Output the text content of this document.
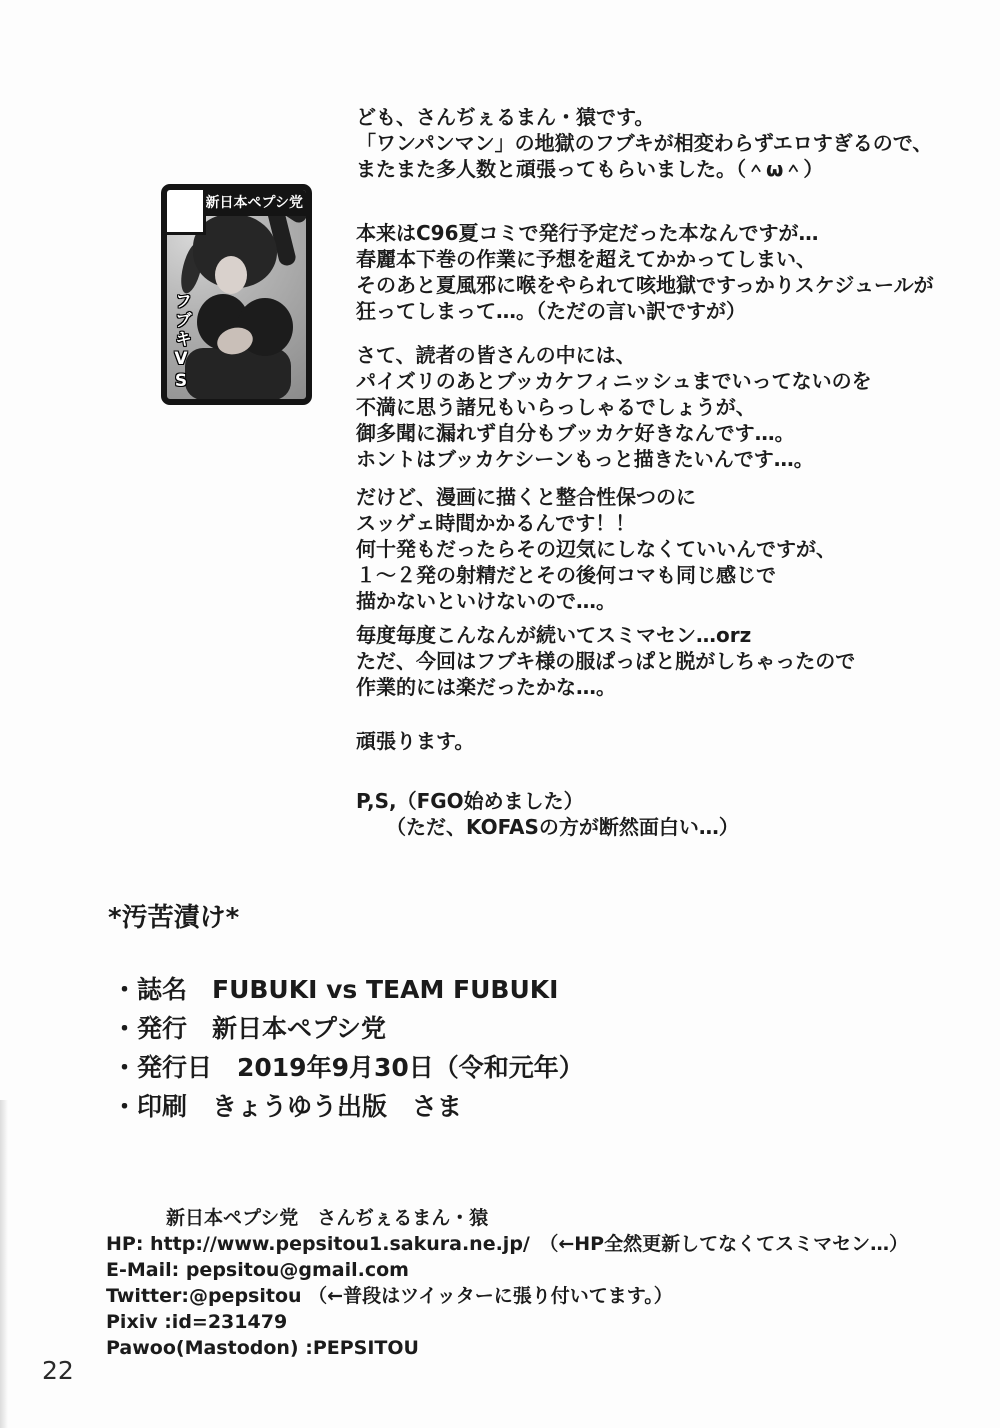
新日本ペプシ党
フブキVS
ども、さんぢぇるまん・猿です。
「ワンパンマン」の地獄のフブキが相変わらずエロすぎるので、
またまた多人数と頑張ってもらいました。（＾ω＾）
本来はC96夏コミで発行予定だった本なんですが…
春麗本下巻の作業に予想を超えてかかってしまい、
そのあと夏風邪に喉をやられて咳地獄ですっかりスケジュールが
狂ってしまって…。（ただの言い訳ですが）
さて、読者の皆さんの中には、
パイズリのあとブッカケフィニッシュまでいってないのを
不満に思う諸兄もいらっしゃるでしょうが、
御多聞に漏れず自分もブッカケ好きなんです…。
ホントはブッカケシーンもっと描きたいんです…。
だけど、漫画に描くと整合性保つのに
スッゲェ時間かかるんです！！
何十発もだったらその辺気にしなくていいんですが、
１～２発の射精だとその後何コマも同じ感じで
描かないといけないので…。
毎度毎度こんなんが続いてスミマセン…orz
ただ、今回はフブキ様の服ぱっぱと脱がしちゃったので
作業的には楽だったかな…。
頑張ります。
P,S,（FGO始めました）
　　（ただ、KOFASの方が断然面白い…）
*汚苦漬け*
・誌名　FUBUKI vs TEAM FUBUKI
・発行　新日本ペプシ党
・発行日　2019年9月30日（令和元年）
・印刷　きょうゆう出版　さま
新日本ペプシ党　さんぢぇるまん・猿
HP: http://www.pepsitou1.sakura.ne.jp/　（←HP全然更新してなくてスミマセン…）
E-Mail: pepsitou@gmail.com
Twitter:@pepsitou （←普段はツイッターに張り付いてます。）
Pixiv :id=231479
Pawoo(Mastodon) :PEPSITOU
22
